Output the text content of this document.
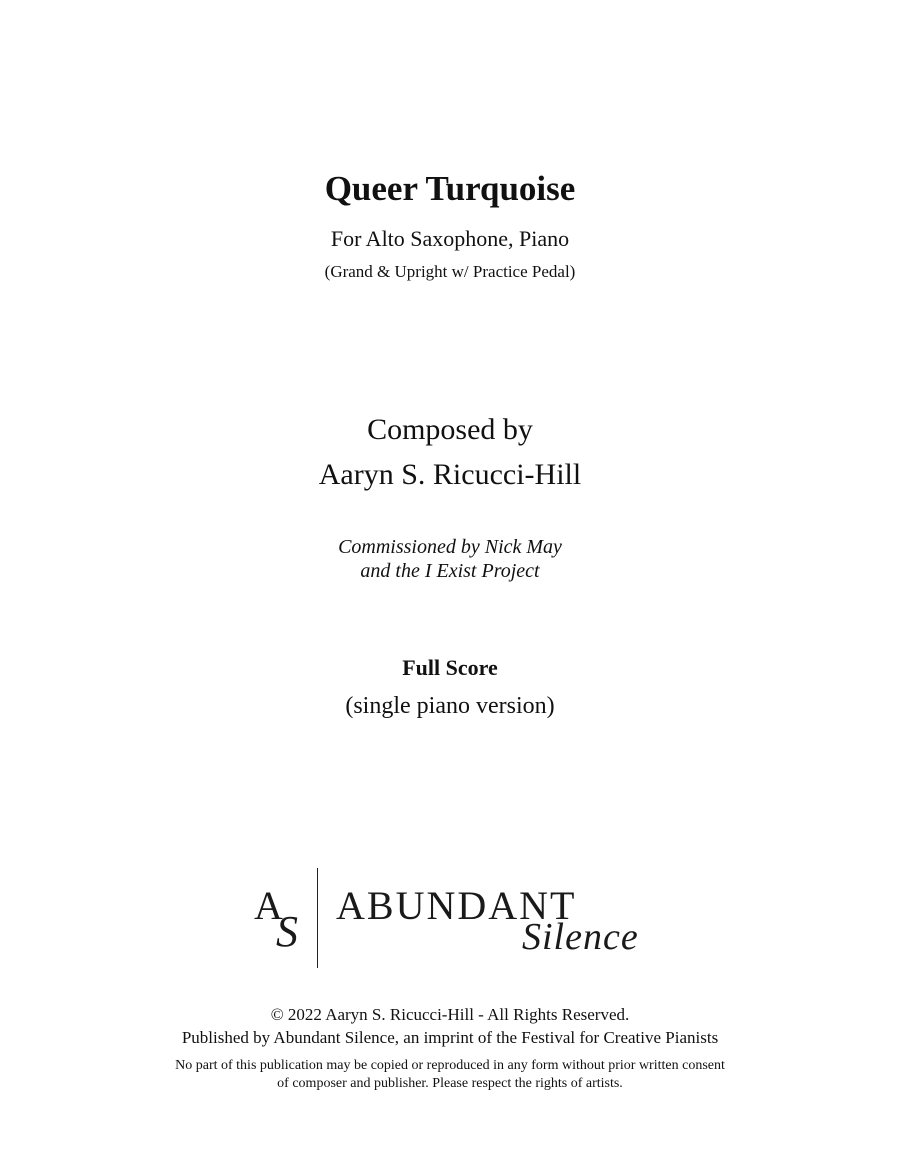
Queer Turquoise
For Alto Saxophone, Piano
(Grand & Upright w/ Practice Pedal)
Composed by
Aaryn S. Ricucci-Hill
Commissioned by Nick May
and the I Exist Project
Full Score
(single piano version)
A
S
ABUNDANT
Silence
© 2022 Aaryn S. Ricucci-Hill - All Rights Reserved.
Published by Abundant Silence, an imprint of the Festival for Creative Pianists
No part of this publication may be copied or reproduced in any form without prior written consent
of composer and publisher. Please respect the rights of artists.
